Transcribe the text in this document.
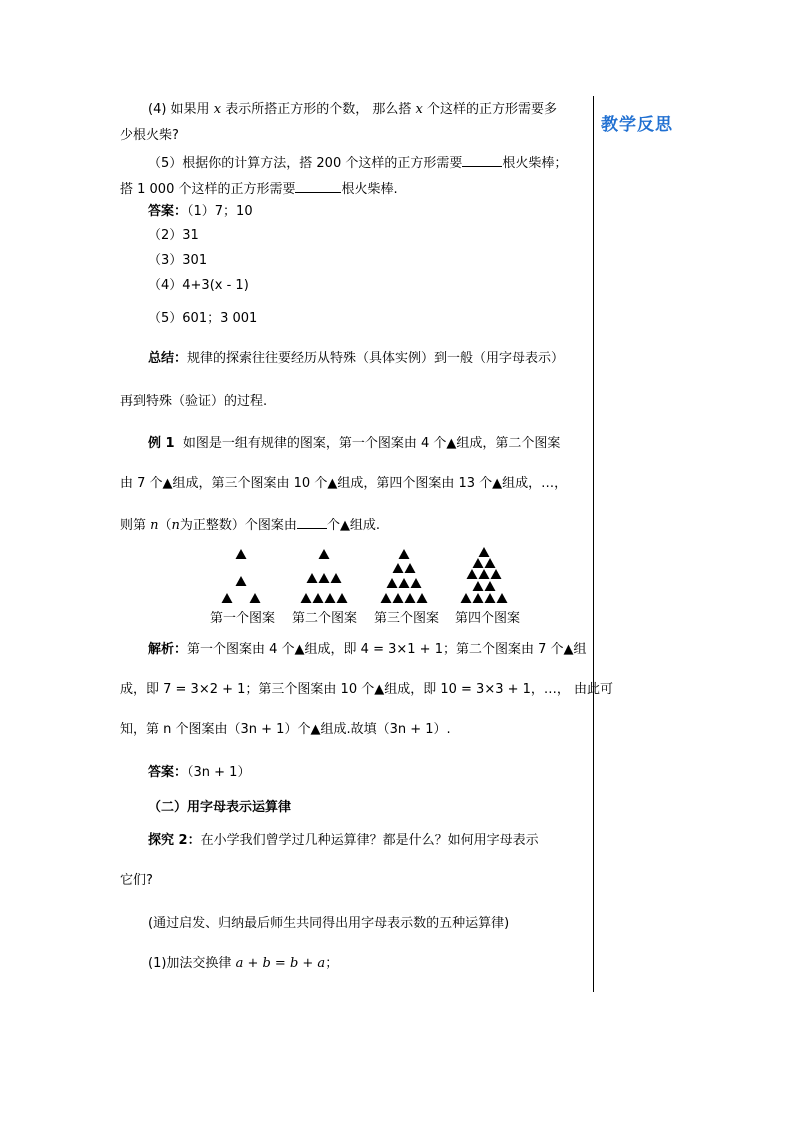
教学反思
(4) 如果用 x 表示所搭正方形的个数， 那么搭 x 个这样的正方形需要多
少根火柴?
（5）根据你的计算方法，搭 200 个这样的正方形需要	根火柴棒；
搭 1 000 个这样的正方形需要	根火柴棒.
答案：（1）7；10
（2）31
（3）301
（4）4+3(x - 1)
（5）601；3 001
总结：规律的探索往往要经历从特殊（具体实例）到一般（用字母表示）
再到特殊（验证）的过程.
例 1 如图是一组有规律的图案，第一个图案由 4 个▲组成，第二个图案
由 7 个▲组成，第三个图案由 10 个▲组成，第四个图案由 13 个▲组成，…，
则第 n（n为正整数）个图案由 个▲组成.
解析：第一个图案由 4 个▲组成，即 4 = 3×1 + 1；第二个图案由 7 个▲组
成，即 7 = 3×2 + 1；第三个图案由 10 个▲组成，即 10 = 3×3 + 1，…， 由此可
知，第 n 个图案由（3n + 1）个▲组成.故填（3n + 1）.
答案：（3n + 1）
（二）用字母表示运算律
探究 2：在小学我们曾学过几种运算律？都是什么？如何用字母表示
它们?
(通过启发、归纳最后师生共同得出用字母表示数的五种运算律)
(1)加法交换律 a + b = b + a；
第一个图案 第二个图案 第三个图案 第四个图案
